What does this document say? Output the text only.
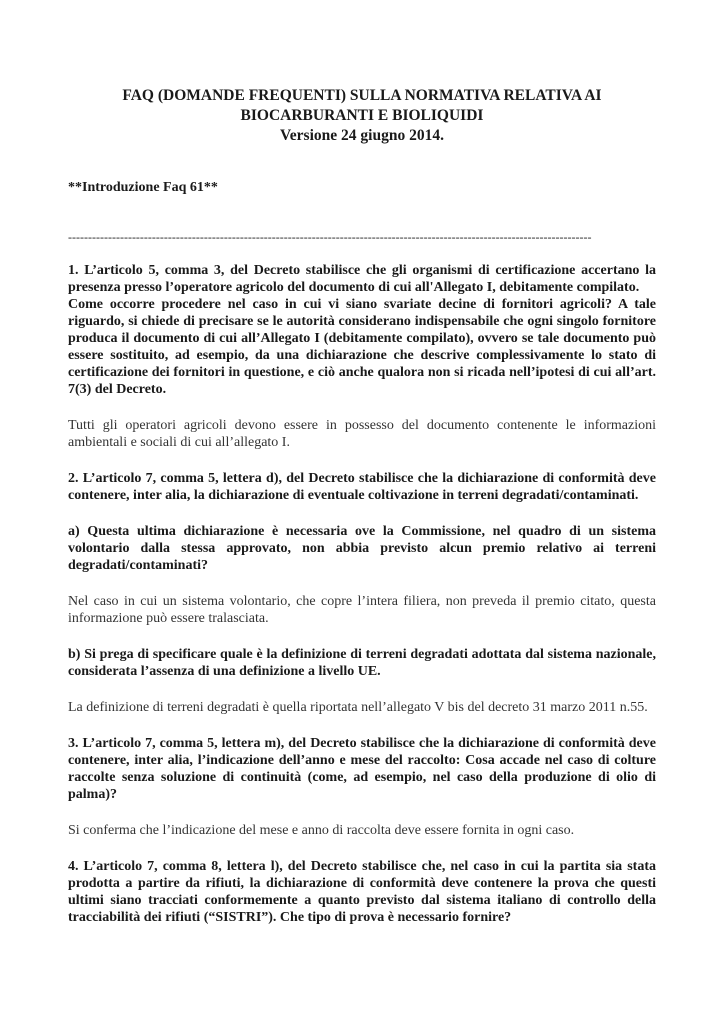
FAQ (DOMANDE FREQUENTI) SULLA NORMATIVA RELATIVA AI
BIOCARBURANTI E BIOLIQUIDI
Versione 24 giugno 2014.
**Introduzione Faq 61**
-----------------------------------------------------------------------------------------------------------------------------------

1. L’articolo 5, comma 3, del Decreto stabilisce che gli organismi di certificazione accertano la presenza presso l’operatore agricolo del documento di cui all'Allegato I, debitamente compilato.

Come occorre procedere nel caso in cui vi siano svariate decine di fornitori agricoli? A tale riguardo, si chiede di precisare se le autorità considerano indispensabile che ogni singolo fornitore produca il documento di cui all’Allegato I (debitamente compilato), ovvero se tale documento può essere sostituito, ad esempio, da una dichiarazione che descrive complessivamente lo stato di certificazione dei fornitori in questione, e ciò anche qualora non si ricada nell’ipotesi di cui all’art. 7(3) del Decreto.

Tutti gli operatori agricoli devono essere in possesso del documento contenente le informazioni ambientali e sociali di cui all’allegato I.

2. L’articolo 7, comma 5, lettera d), del Decreto stabilisce che la dichiarazione di conformità deve contenere, inter alia, la dichiarazione di eventuale coltivazione in terreni degradati/contaminati.

a) Questa ultima dichiarazione è necessaria ove la Commissione, nel quadro di un sistema volontario dalla stessa approvato, non abbia previsto alcun premio relativo ai terreni degradati/contaminati?

Nel caso in cui un sistema volontario, che copre l’intera filiera, non preveda il premio citato, questa informazione può essere tralasciata.

b) Si prega di specificare quale è la definizione di terreni degradati adottata dal sistema nazionale, considerata l’assenza di una definizione a livello UE.

La definizione di terreni degradati è quella riportata nell’allegato V bis del decreto 31 marzo 2011 n.55.

3. L’articolo 7, comma 5, lettera m), del Decreto stabilisce che la dichiarazione di conformità deve contenere, inter alia, l’indicazione dell’anno e mese del raccolto: Cosa accade nel caso di colture raccolte senza soluzione di continuità (come, ad esempio, nel caso della produzione di olio di palma)?

Si conferma che l’indicazione del mese e anno di raccolta deve essere fornita in ogni caso.

4. L’articolo 7, comma 8, lettera l), del Decreto stabilisce che, nel caso in cui la partita sia stata prodotta a partire da rifiuti, la dichiarazione di conformità deve contenere la prova che questi ultimi siano tracciati conformemente a quanto previsto dal sistema italiano di controllo della tracciabilità dei rifiuti (“SISTRI”). Che tipo di prova è necessario fornire?
